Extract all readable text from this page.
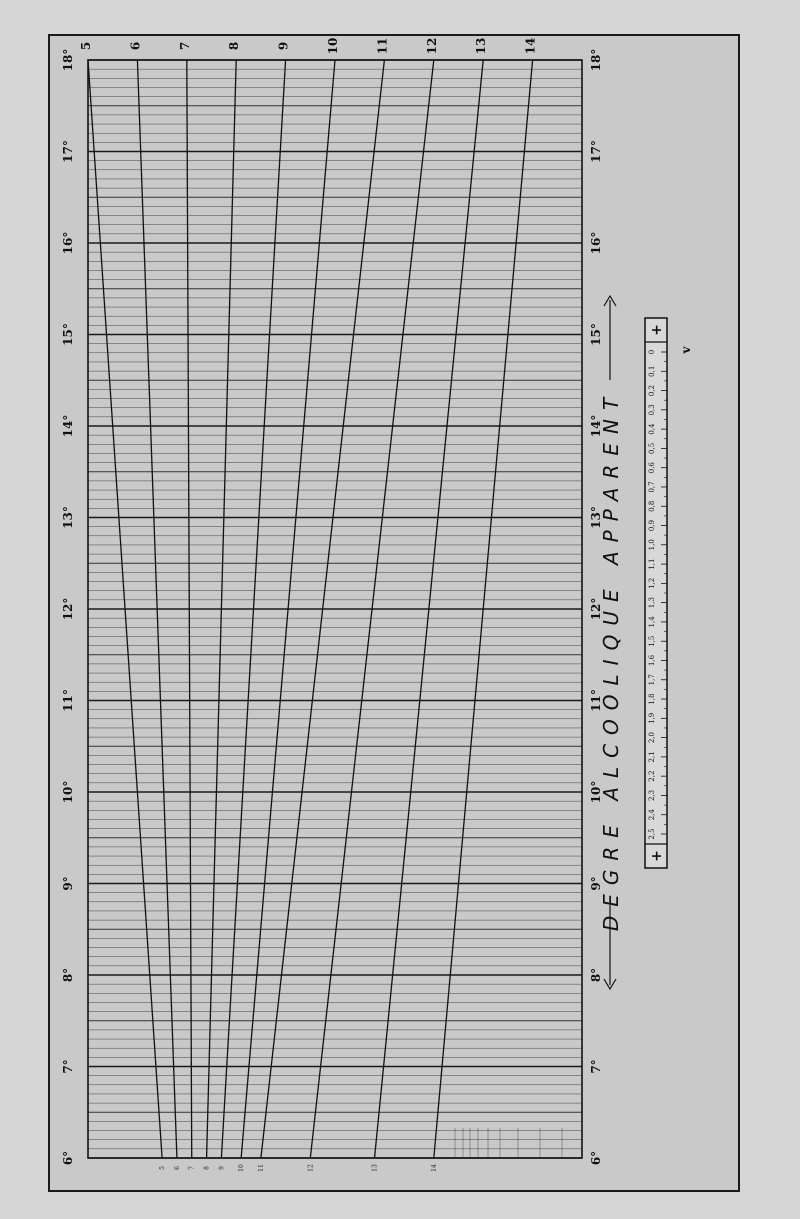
6°	6°
7°	7°
8°	8°
9°	9°
10°	10°
11°	11°
12°	12°
13°	13°
14°	14°
15°	15°
16°	16°
17°	17°
18°	18°
DEGRE ALCOOLIQUE APPARENT
5	6	7	8	9	10	11	12	13	14
5 6 7 8 9 10 11	12	13	14
+
+
2,5
2,4
2,3
2,2
2,1
2,0
1,9
1,8
1,7
1,6
1,5
1,4
1,3
1,2
1,1
1,0
0,9
0,8
0,7
0,6
0,5
0,4
0,3
0,2
0,1
0 v
